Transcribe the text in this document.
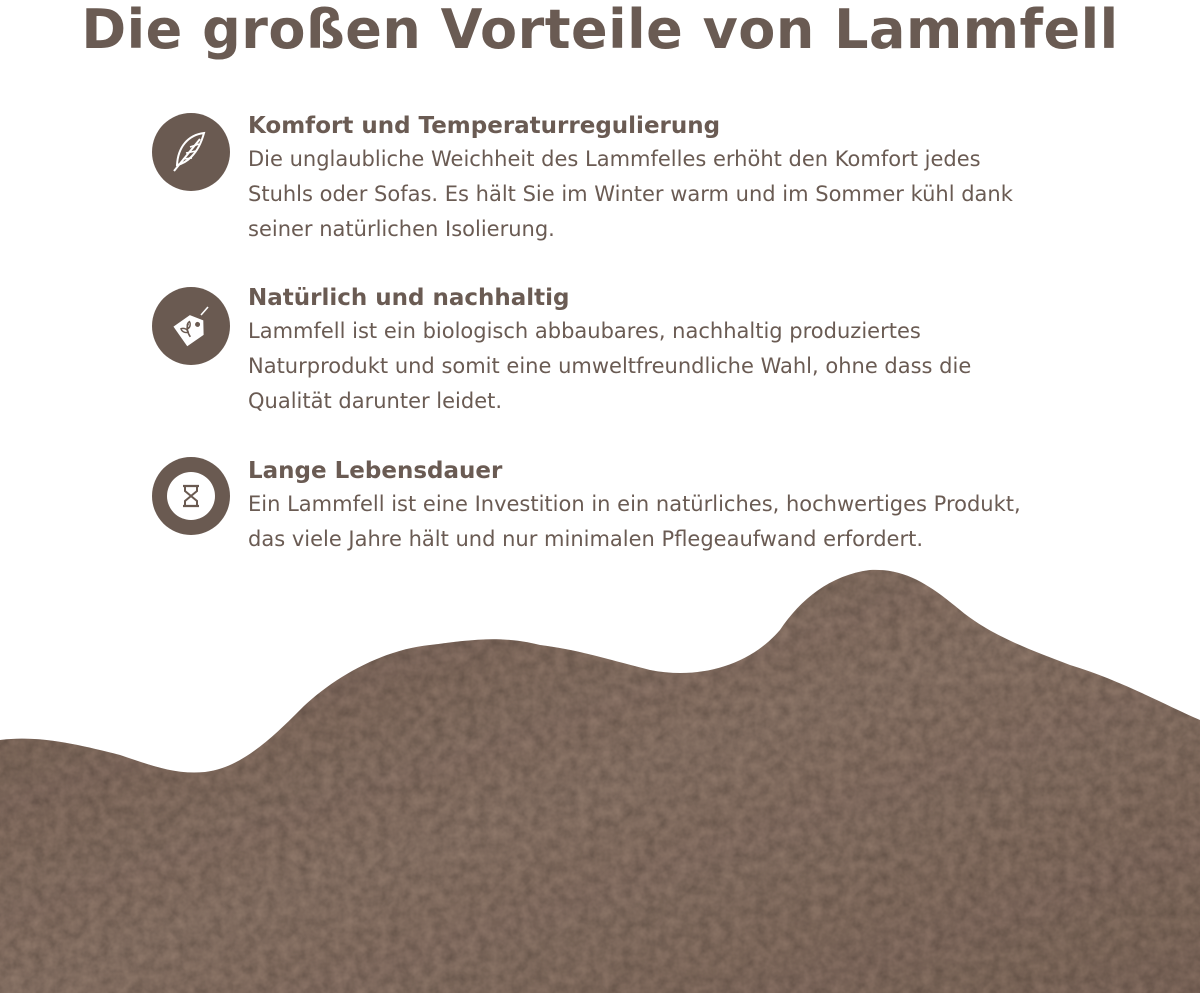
Die großen Vorteile von Lammfell
Komfort und Temperaturregulierung

Die unglaubliche Weichheit des Lammfelles erhöht den Komfort jedes
Stuhls oder Sofas. Es hält Sie im Winter warm und im Sommer kühl dank
seiner natürlichen Isolierung.

Natürlich und nachhaltig

Lammfell ist ein biologisch abbaubares, nachhaltig produziertes
Naturprodukt und somit eine umweltfreundliche Wahl, ohne dass die
Qualität darunter leidet.

Lange Lebensdauer

Ein Lammfell ist eine Investition in ein natürliches, hochwertiges Produkt,
das viele Jahre hält und nur minimalen Pflegeaufwand erfordert.
